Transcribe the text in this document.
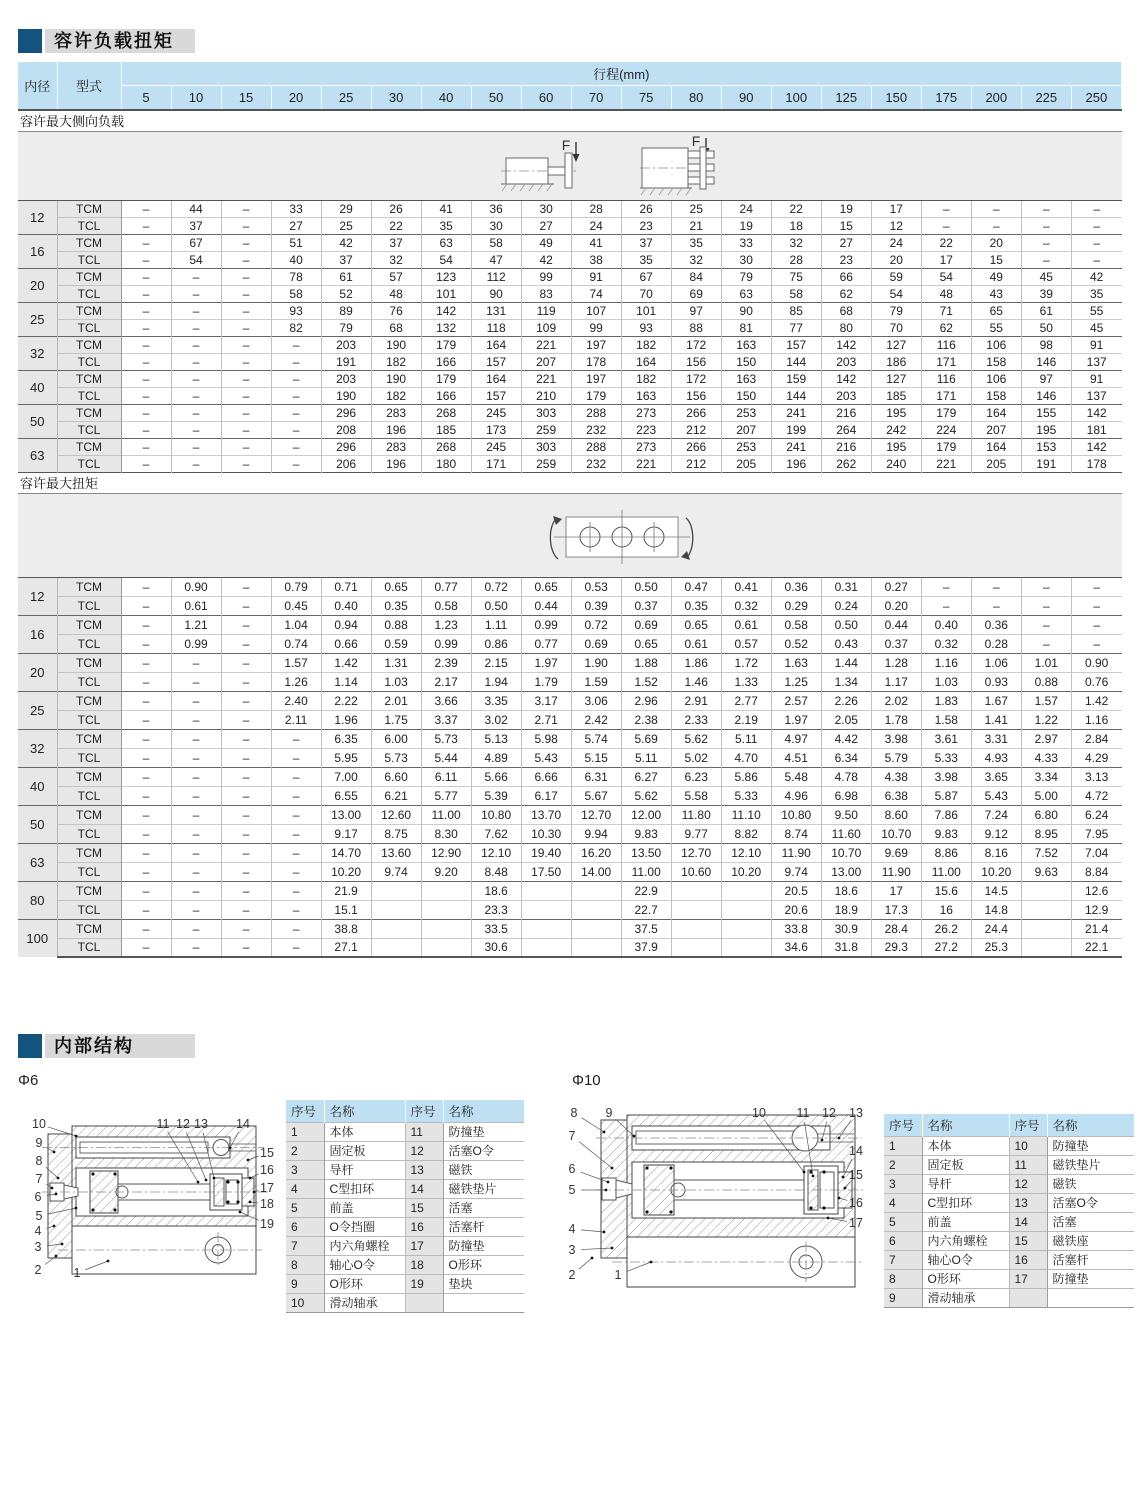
容许负载扭矩
内径	型式	行程(mm)																			
		5	10	15	20	25	30	40	50	60	70	75	80	90	100	125	150	175	200	225	250
容许最大侧向负载																					

F F																					

12	TCM	–	44	–	33	29	26	41	36	30	28	26	25	24	22	19	17	–	–	–	–
	TCL	–	37	–	27	25	22	35	30	27	24	23	21	19	18	15	12	–	–	–	–
16	TCM	–	67	–	51	42	37	63	58	49	41	37	35	33	32	27	24	22	20	–	–
	TCL	–	54	–	40	37	32	54	47	42	38	35	32	30	28	23	20	17	15	–	–
20	TCM	–	–	–	78	61	57	123	112	99	91	67	84	79	75	66	59	54	49	45	42
	TCL	–	–	–	58	52	48	101	90	83	74	70	69	63	58	62	54	48	43	39	35
25	TCM	–	–	–	93	89	76	142	131	119	107	101	97	90	85	68	79	71	65	61	55
	TCL	–	–	–	82	79	68	132	118	109	99	93	88	81	77	80	70	62	55	50	45
32	TCM	–	–	–	–	203	190	179	164	221	197	182	172	163	157	142	127	116	106	98	91
	TCL	–	–	–	–	191	182	166	157	207	178	164	156	150	144	203	186	171	158	146	137
40	TCM	–	–	–	–	203	190	179	164	221	197	182	172	163	159	142	127	116	106	97	91
	TCL	–	–	–	–	190	182	166	157	210	179	163	156	150	144	203	185	171	158	146	137
50	TCM	–	–	–	–	296	283	268	245	303	288	273	266	253	241	216	195	179	164	155	142
	TCL	–	–	–	–	208	196	185	173	259	232	223	212	207	199	264	242	224	207	195	181
63	TCM	–	–	–	–	296	283	268	245	303	288	273	266	253	241	216	195	179	164	153	142
	TCL	–	–	–	–	206	196	180	171	259	232	221	212	205	196	262	240	221	205	191	178
容许最大扭矩																					

12	TCM	–	0.90	–	0.79	0.71	0.65	0.77	0.72	0.65	0.53	0.50	0.47	0.41	0.36	0.31	0.27	–	–	–	–
	TCL	–	0.61	–	0.45	0.40	0.35	0.58	0.50	0.44	0.39	0.37	0.35	0.32	0.29	0.24	0.20	–	–	–	–
16	TCM	–	1.21	–	1.04	0.94	0.88	1.23	1.11	0.99	0.72	0.69	0.65	0.61	0.58	0.50	0.44	0.40	0.36	–	–
	TCL	–	0.99	–	0.74	0.66	0.59	0.99	0.86	0.77	0.69	0.65	0.61	0.57	0.52	0.43	0.37	0.32	0.28	–	–
20	TCM	–	–	–	1.57	1.42	1.31	2.39	2.15	1.97	1.90	1.88	1.86	1.72	1.63	1.44	1.28	1.16	1.06	1.01	0.90
	TCL	–	–	–	1.26	1.14	1.03	2.17	1.94	1.79	1.59	1.52	1.46	1.33	1.25	1.34	1.17	1.03	0.93	0.88	0.76
25	TCM	–	–	–	2.40	2.22	2.01	3.66	3.35	3.17	3.06	2.96	2.91	2.77	2.57	2.26	2.02	1.83	1.67	1.57	1.42
	TCL	–	–	–	2.11	1.96	1.75	3.37	3.02	2.71	2.42	2.38	2.33	2.19	1.97	2.05	1.78	1.58	1.41	1.22	1.16
32	TCM	–	–	–	–	6.35	6.00	5.73	5.13	5.98	5.74	5.69	5.62	5.11	4.97	4.42	3.98	3.61	3.31	2.97	2.84
	TCL	–	–	–	–	5.95	5.73	5.44	4.89	5.43	5.15	5.11	5.02	4.70	4.51	6.34	5.79	5.33	4.93	4.33	4.29
40	TCM	–	–	–	–	7.00	6.60	6.11	5.66	6.66	6.31	6.27	6.23	5.86	5.48	4.78	4.38	3.98	3.65	3.34	3.13
	TCL	–	–	–	–	6.55	6.21	5.77	5.39	6.17	5.67	5.62	5.58	5.33	4.96	6.98	6.38	5.87	5.43	5.00	4.72
50	TCM	–	–	–	–	13.00	12.60	11.00	10.80	13.70	12.70	12.00	11.80	11.10	10.80	9.50	8.60	7.86	7.24	6.80	6.24
	TCL	–	–	–	–	9.17	8.75	8.30	7.62	10.30	9.94	9.83	9.77	8.82	8.74	11.60	10.70	9.83	9.12	8.95	7.95
63	TCM	–	–	–	–	14.70	13.60	12.90	12.10	19.40	16.20	13.50	12.70	12.10	11.90	10.70	9.69	8.86	8.16	7.52	7.04
	TCL	–	–	–	–	10.20	9.74	9.20	8.48	17.50	14.00	11.00	10.60	10.20	9.74	13.00	11.90	11.00	10.20	9.63	8.84
80	TCM	–	–	–	–	21.9			18.6			22.9			20.5	18.6	17	15.6	14.5		12.6
	TCL	–	–	–	–	15.1			23.3			22.7			20.6	18.9	17.3	16	14.8		12.9
100	TCM	–	–	–	–	38.8			33.5			37.5			33.8	30.9	28.4	26.2	24.4		21.4
	TCL	–	–	–	–	27.1			30.6			37.9			34.6	31.8	29.3	27.2	25.3		22.1
内部结构
Φ6
1
2
3
4
5
6
7
8
9
10	11 12 13 14
15
16
17
18
19
序号	名称	序号	名称
1	本体	11	防撞垫
2	固定板	12	活塞O令
3	导杆	13	磁铁
4	C型扣环	14	磁铁垫片
5	前盖	15	活塞
6	O令挡圈	16	活塞杆
7	内六角螺栓	17	防撞垫
8	轴心O令	18	O形环
9	O形环	19	垫块
10	滑动轴承		
Φ10
1
2
3
4
5
6
7
8 9	10 11 12 13
14
15
16
17
序号	名称	序号	名称
1	本体	10	防撞垫
2	固定板	11	磁铁垫片
3	导杆	12	磁铁
4	C型扣环	13	活塞O令
5	前盖	14	活塞
6	内六角螺栓	15	磁铁座
7	轴心O令	16	活塞杆
8	O形环	17	防撞垫
9	滑动轴承		
